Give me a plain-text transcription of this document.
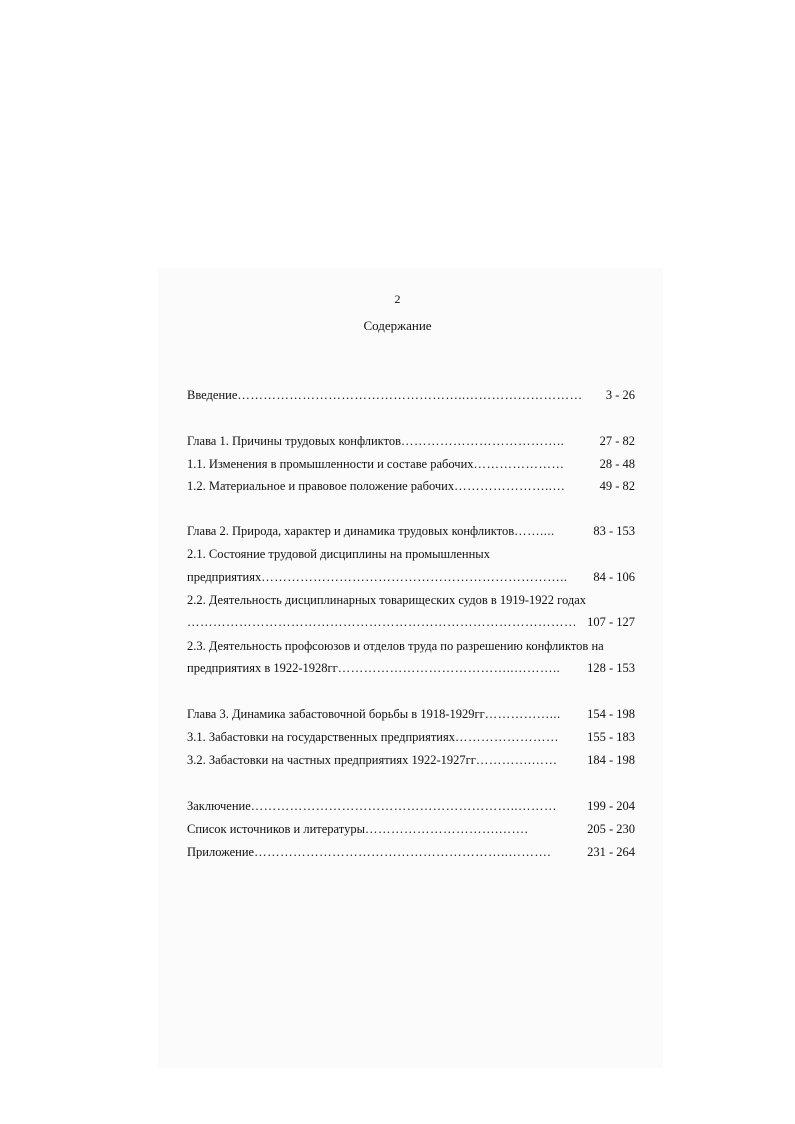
2
Содержание
Введение ……………………………………………..………………………	3 - 26
Глава 1. Причины трудовых конфликтов ………………………………..	27 - 82
1.1. Изменения в промышленности и составе рабочих …………………	28 - 48
1.2. Материальное и правовое положение рабочих …………………..…	49 - 82
Глава 2. Природа, характер и динамика трудовых конфликтов ……....	83 - 153
2.1. Состояние трудовой дисциплины на промышленных
предприятиях ……………………………………………………………..	84 - 106
2.2. Деятельность дисциплинарных товарищеских судов в 1919-1922 годах
……………………………………………………………………………… 107 - 127
2.3. Деятельность профсоюзов и отделов труда по разрешению конфликтов на
предприятиях в 1922-1928гг …………………………………..………..	128 - 153
Глава 3. Динамика забастовочной борьбы в 1918-1929гг ……………...	154 - 198
3.1. Забастовки на государственных предприятиях ……………………	155 - 183
3.2. Забастовки на частных предприятиях 1922-1927гг ………….……	184 - 198
Заключение ……………………………………………………..………	199 - 204
Список источников и литературы ………………………….…….	205 - 230
Приложение …………………………………………………..……….	231 - 264
